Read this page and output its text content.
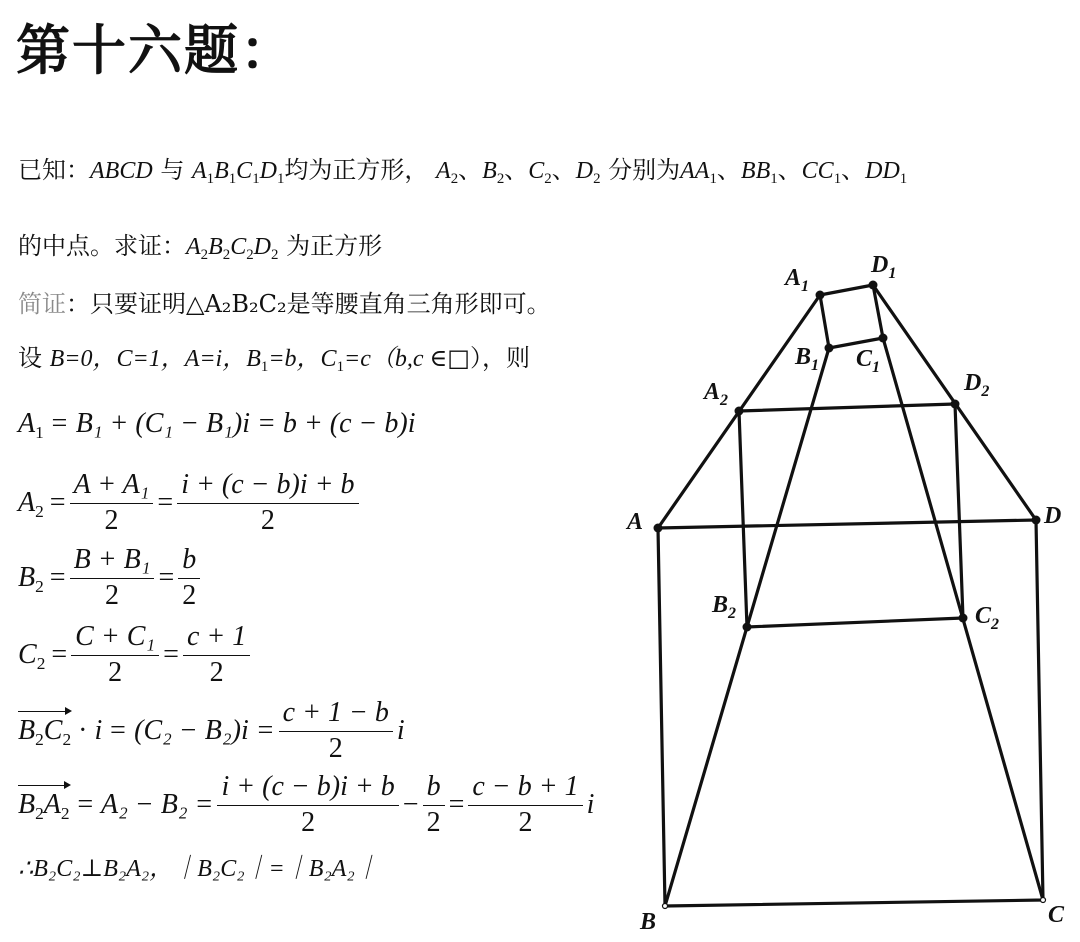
第十六题：
已知：ABCD 与 $A_1B_1C_1D_1$均为正方形， $A_2$、$B_2$、$C_2$、$D_2$ 分别为$AA_1$、$BB_1$、$CC_1$、$DD_1$
的中点。求证：$A_2B_2C_2D_2$ 为正方形
简证：只要证明△A₂B₂C₂是等腰直角三角形即可。
设 B=0，C=1，A=i，$B_1=b$，$C_1=c(b,c$ ∈□），则
$A_1 = B_1 + (C_1 - B_1)i = b + (c - b)i$
$A_2 = \frac{\text{A + A₁}}{2} = \frac{i + (c - b)i + b}{2}$
$B_2 = \frac{\text{B + B₁}}{2} = \frac{b}{2}$
$C_2 = \frac{\text{C + C₁}}{2} = \frac{c + 1}{2}$
$B_2C_2 \cdot i = (C_2 - B_2)i = \frac{c + 1 - b}{2}$ i
$B_2A_2 = A_2 - B_2 = \frac{i + (c - b)i + b}{2} - \frac{b}{2} = \frac{c - b + 1}{2}$ i
∴B₂C₂⊥B₂A₂，｜B₂C₂｜=｜B₂A₂｜
A	D
B	C
$A_1$
$D_1$
$B_1$ $C_1$
$A_2$
$D_2$
$B_2$	$C_2$
